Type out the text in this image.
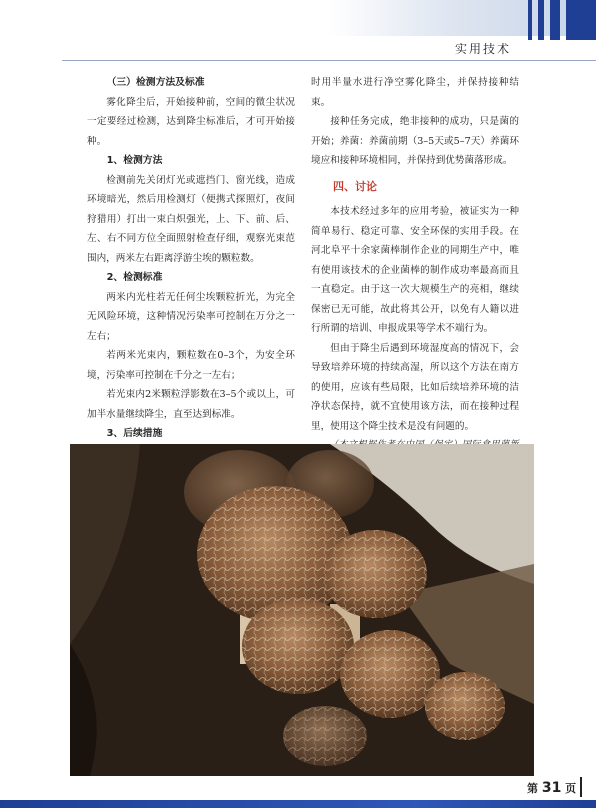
实用技术
（三）检测方法及标准

雾化降尘后，开始接种前，空间的微尘状况一定要经过检测，达到降尘标准后，才可开始接种。

1、检测方法

检测前先关闭灯光或遮挡门、窗光线，造成环境暗光，然后用检测灯（便携式探照灯，夜间狩猎用）打出一束白炽强光，上、下、前、后、左、右不同方位全面照射检查仔细，观察光束范围内，两米左右距离浮游尘埃的颗粒数。

2、检测标准

两米内光柱若无任何尘埃颗粒折光，为完全无风险环境，这种情况污染率可控制在万分之一左右；

若两米光束内，颗粒数在0–3个，为安全环境，污染率可控制在千分之一左右；

若光束内2米颗粒浮影数在3–5个或以上，可加半水量继续降尘，直至达到标准。

3、后续措施

时用半量水进行净空雾化降尘，并保持接种结束。

接种任务完成，绝非接种的成功，只是菌的开始；养菌：养菌前期（3–5天或5–7天）养菌环境应和接种环境相同，并保持到优势菌落形成。

四、讨论

本技术经过多年的应用考验，被证实为一种简单易行、稳定可靠、安全环保的实用手段。在河北阜平十余家菌棒制作企业的同期生产中，唯有使用该技术的企业菌棒的制作成功率最高而且一直稳定。由于这一次大规模生产的亮相，继续保密已无可能，故此将其公开，以免有人籍以进行所谓的培训、申报成果等学术不端行为。

但由于降尘后遇到环境湿度高的情况下，会导致培养环境的持续高湿，所以这个方法在南方的使用，应该有些局限，比如后续培养环境的洁净状态保持，就不宜使用该方法，而在接种过程里，使用这个降尘技术是没有问题的。

第 31 页
